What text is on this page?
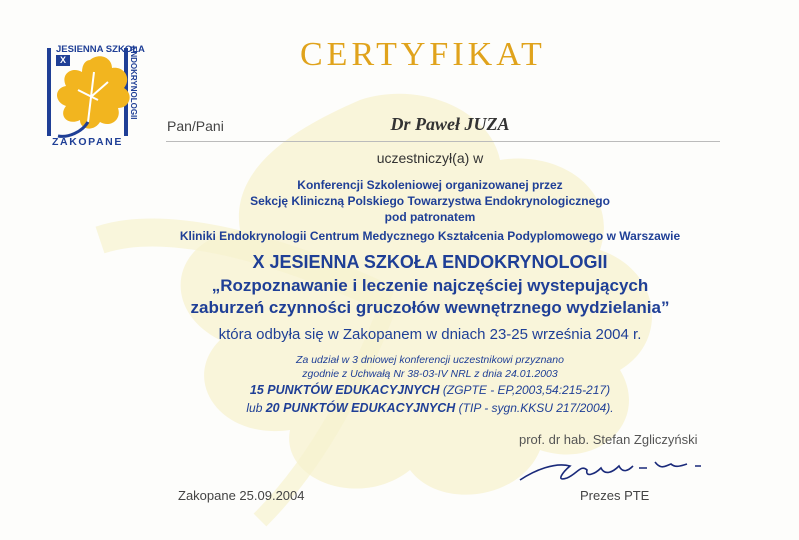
JESIENNA SZKOŁA
X	ENDOKRYNOLOGII
ZAKOPANE
CERTYFIKAT
Pan/Pani	Dr Paweł JUZA
uczestniczył(a) w
Konferencji Szkoleniowej organizowanej przez
Sekcję Kliniczną Polskiego Towarzystwa Endokrynologicznego
pod patronatem
Kliniki Endokrynologii Centrum Medycznego Kształcenia Podyplomowego w Warszawie
X JESIENNA SZKOŁA ENDOKRYNOLOGII
„Rozpoznawanie i leczenie najczęściej wystepujących
zaburzeń czynności gruczołów wewnętrznego wydzielania”
która odbyła się w Zakopanem w dniach 23-25 września 2004 r.
Za udział w 3 dniowej konferencji uczestnikowi przyznano
zgodnie z Uchwałą Nr 38-03-IV NRL z dnia 24.01.2003
15 PUNKTÓW EDUKACYJNYCH (ZGPTE - EP,2003,54:215-217)
lub 20 PUNKTÓW EDUKACYJNYCH (TIP - sygn.KKSU 217/2004).
prof. dr hab. Stefan Zgliczyński
Zakopane 25.09.2004	Prezes PTE
